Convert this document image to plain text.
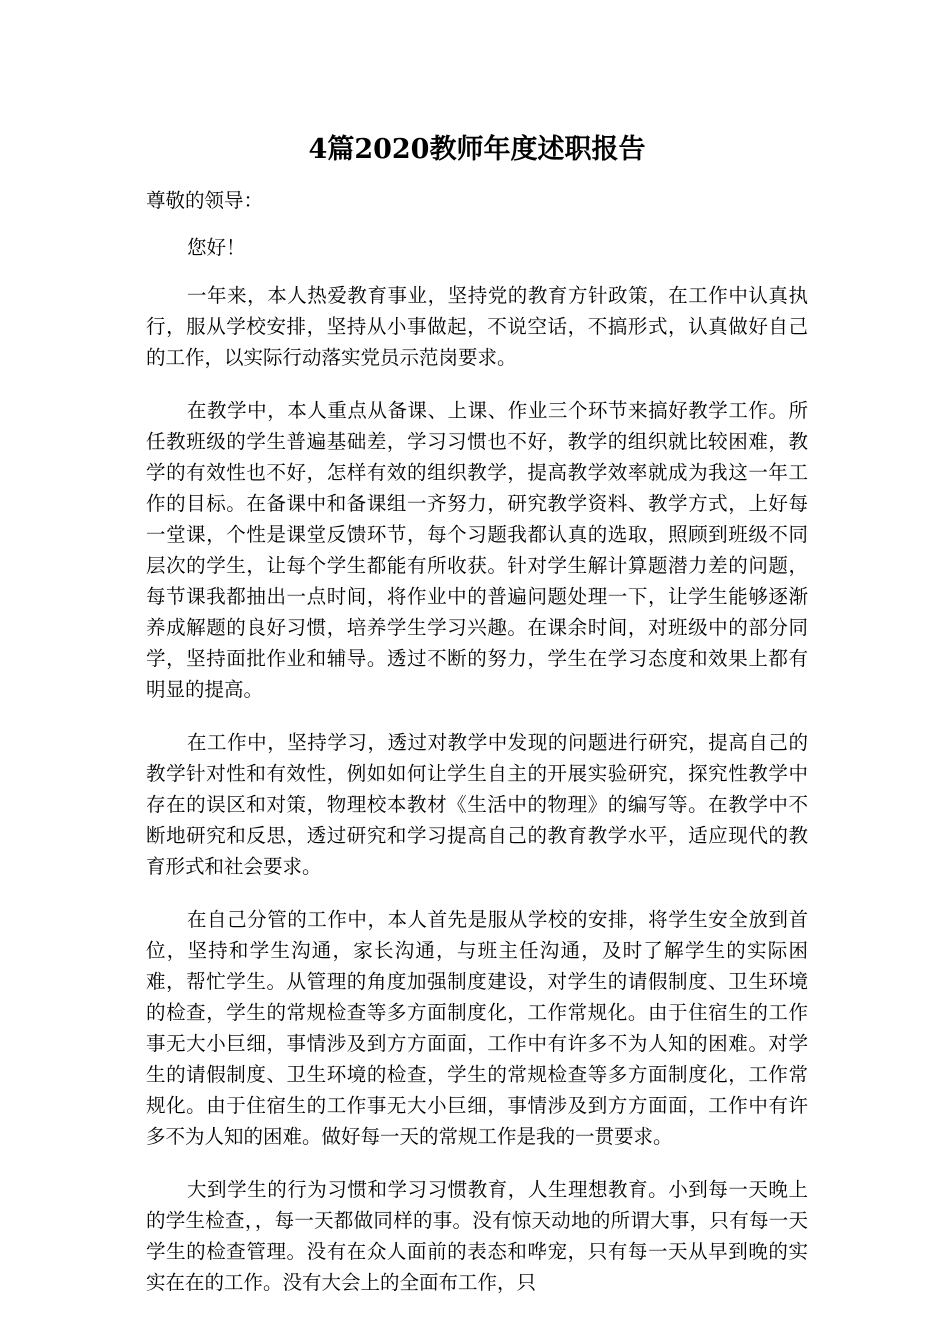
4篇2020教师年度述职报告

尊敬的领导：

您好！

一年来，本人热爱教育事业，坚持党的教育方针政策，在工作中认真执行，服从学校安排，坚持从小事做起，不说空话，不搞形式，认真做好自己的工作，以实际行动落实党员示范岗要求。

在教学中，本人重点从备课、上课、作业三个环节来搞好教学工作。所任教班级的学生普遍基础差，学习习惯也不好，教学的组织就比较困难，教学的有效性也不好，怎样有效的组织教学，提高教学效率就成为我这一年工作的目标。在备课中和备课组一齐努力，研究教学资料、教学方式，上好每一堂课，个性是课堂反馈环节，每个习题我都认真的选取，照顾到班级不同层次的学生，让每个学生都能有所收获。针对学生解计算题潜力差的问题，每节课我都抽出一点时间，将作业中的普遍问题处理一下，让学生能够逐渐养成解题的良好习惯，培养学生学习兴趣。在课余时间，对班级中的部分同学，坚持面批作业和辅导。透过不断的努力，学生在学习态度和效果上都有明显的提高。

在工作中，坚持学习，透过对教学中发现的问题进行研究，提高自己的教学针对性和有效性，例如如何让学生自主的开展实验研究，探究性教学中存在的误区和对策，物理校本教材《生活中的物理》的编写等。在教学中不断地研究和反思，透过研究和学习提高自己的教育教学水平，适应现代的教育形式和社会要求。

在自己分管的工作中，本人首先是服从学校的安排，将学生安全放到首位，坚持和学生沟通，家长沟通，与班主任沟通，及时了解学生的实际困难，帮忙学生。从管理的角度加强制度建设，对学生的请假制度、卫生环境的检查，学生的常规检查等多方面制度化，工作常规化。由于住宿生的工作事无大小巨细，事情涉及到方方面面，工作中有许多不为人知的困难。对学生的请假制度、卫生环境的检查，学生的常规检查等多方面制度化，工作常规化。由于住宿生的工作事无大小巨细，事情涉及到方方面面，工作中有许多不为人知的困难。做好每一天的常规工作是我的一贯要求。

大到学生的行为习惯和学习习惯教育，人生理想教育。小到每一天晚上的学生检查，，每一天都做同样的事。没有惊天动地的所谓大事，只有每一天学生的检查管理。没有在众人面前的表态和哗宠，只有每一天从早到晚的实实在在的工作。没有大会上的全面布工作，只
